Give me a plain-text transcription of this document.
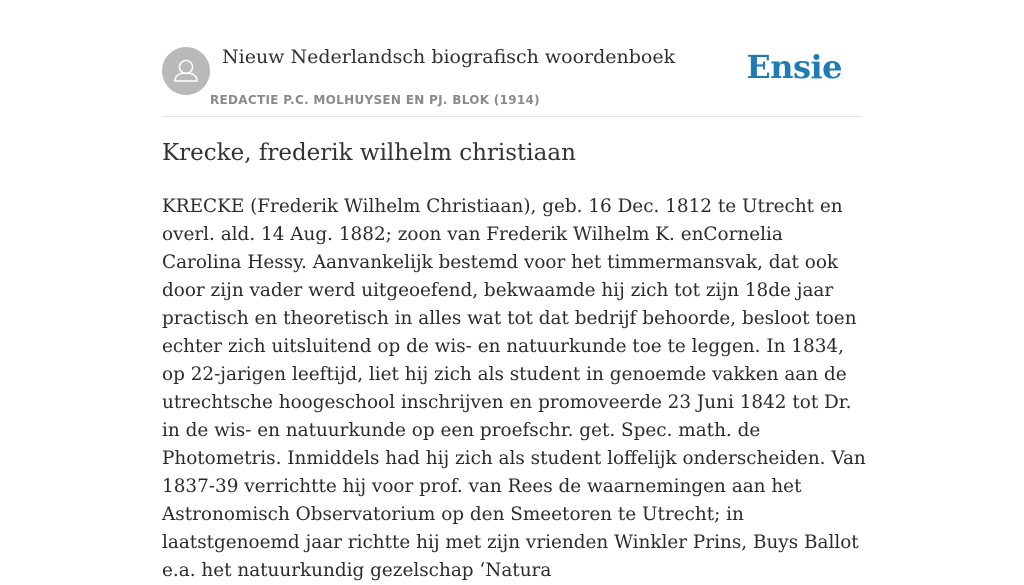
Nieuw Nederlandsch biografisch woordenboek
REDACTIE P.C. MOLHUYSEN EN PJ. BLOK (1914)
Ensie
Krecke, frederik wilhelm christiaan

KRECKE (Frederik Wilhelm Christiaan), geb. 16 Dec. 1812 te Utrecht en overl. ald. 14 Aug. 1882; zoon van Frederik Wilhelm K. enCornelia Carolina Hessy. Aanvankelijk bestemd voor het timmermansvak, dat ook door zijn vader werd uitgeoefend, bekwaamde hij zich tot zijn 18de jaar practisch en theoretisch in alles wat tot dat bedrijf behoorde, besloot toen echter zich uitsluitend op de wis- en natuurkunde toe te leggen. In 1834, op 22-jarigen leeftijd, liet hij zich als student in genoemde vakken aan de utrechtsche hoogeschool inschrijven en promoveerde 23 Juni 1842 tot Dr. in de wis- en natuurkunde op een proefschr. get. Spec. math. de Photometris. Inmiddels had hij zich als student loffelijk onderscheiden. Van 1837-39 verrichtte hij voor prof. van Rees de waarnemingen aan het Astronomisch Observatorium op den Smeetoren te Utrecht; in laatstgenoemd jaar richtte hij met zijn vrienden Winkler Prins, Buys Ballot e.a. het natuurkundig gezelschap ‘Natura
